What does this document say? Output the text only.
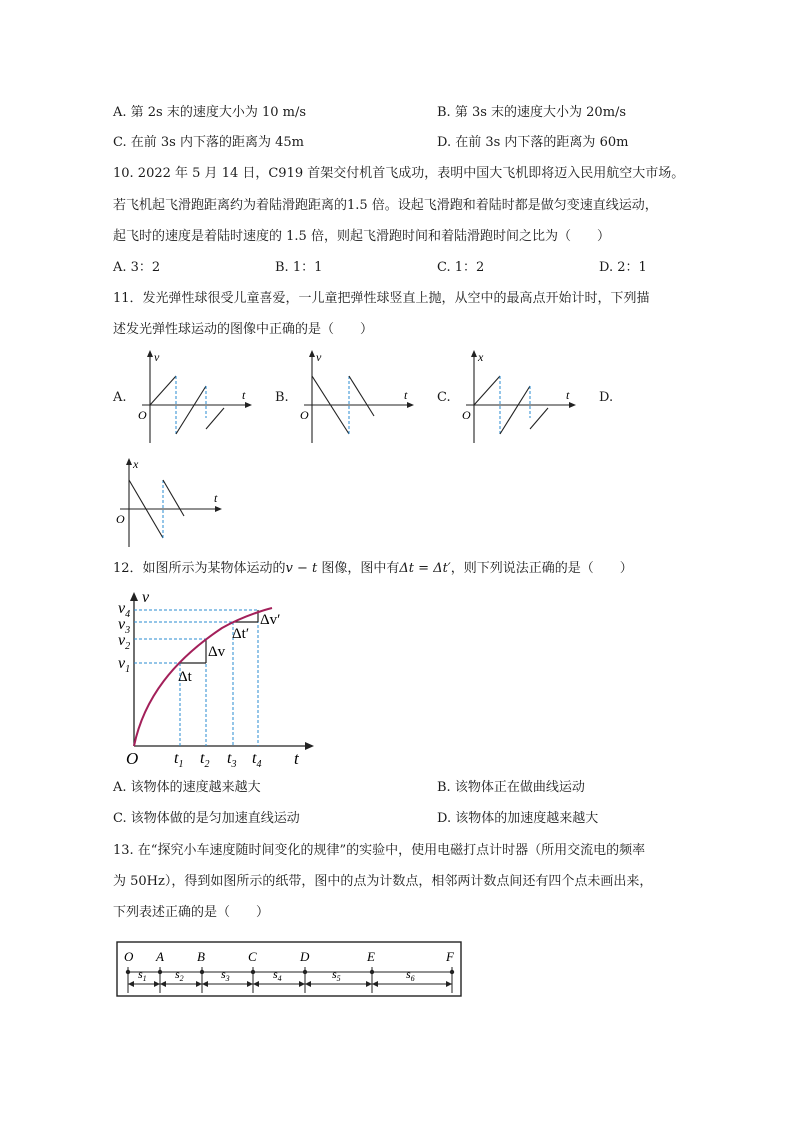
A. 第 2s 末的速度大小为 10 m/s	B. 第 3s 末的速度大小为 20m/s
C. 在前 3s 内下落的距离为 45m	D. 在前 3s 内下落的距离为 60m
10. 2022 年 5 月 14 日，C919 首架交付机首飞成功，表明中国大飞机即将迈入民用航空大市场。
若飞机起飞滑跑距离约为着陆滑跑距离的1.5 倍。设起飞滑跑和着陆时都是做匀变速直线运动，
起飞时的速度是着陆时速度的 1.5 倍，则起飞滑跑时间和着陆滑跑时间之比为（　　）
A. 3：2	B. 1：1	C. 1：2	D. 2：1
11．发光弹性球很受儿童喜爱，一儿童把弹性球竖直上抛，从空中的最高点开始计时，下列描
述发光弹性球运动的图像中正确的是（　　）
A.	B.	C.	D.
v
t
O
v
t
O
x
t
O
x
t
O
12．如图所示为某物体运动的v − t 图像，图中有Δt = Δt′，则下列说法正确的是（　　）
$v_4$
$v_3$
$v_2$
$v_1$
v
$t_1$ $t_2$ $t_3$ $t_4$ t
O
Δt
Δv
Δt′
Δv′
A. 该物体的速度越来越大	B. 该物体正在做曲线运动
C. 该物体做的是匀加速直线运动	D. 该物体的加速度越来越大
13. 在“探究小车速度随时间变化的规律”的实验中，使用电磁打点计时器（所用交流电的频率
为 50Hz），得到如图所示的纸带，图中的点为计数点，相邻两计数点间还有四个点未画出来，
下列表述正确的是（　　）
O A	B	C	D	E	F
$s_1$ $s_2$	$s_3$	$s_4$	$s_5$	$s_6$
